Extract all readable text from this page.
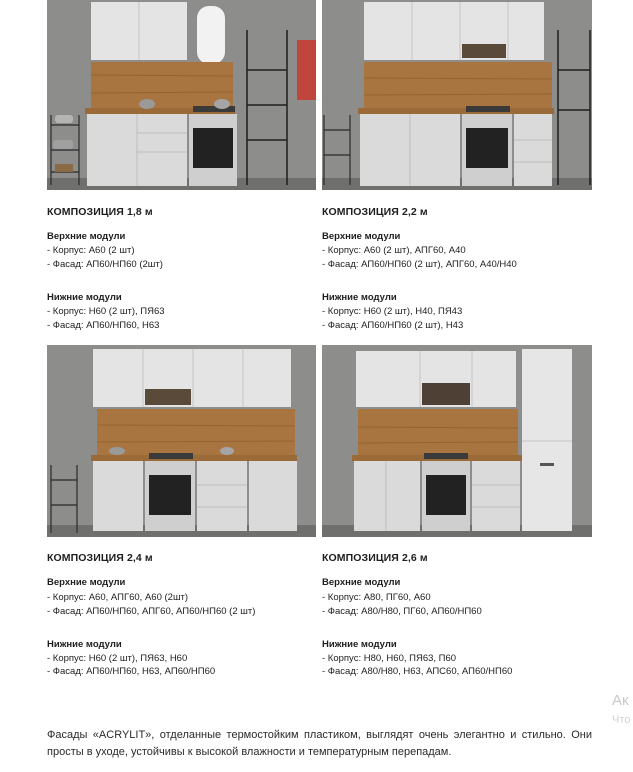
КОМПОЗИЦИЯ 1,8 м
Верхние модули
- Корпус: А60 (2 шт)
- Фасад: АП60/НП60 (2шт)
Нижние модули
- Корпус: Н60 (2 шт), ПЯ63
- Фасад: АП60/НП60, Н63
КОМПОЗИЦИЯ 2,2 м
Верхние модули
- Корпус: А60 (2 шт), АПГ60, А40
- Фасад: АП60/НП60 (2 шт), АПГ60, А40/Н40
Нижние модули
- Корпус: Н60 (2 шт), Н40, ПЯ43
- Фасад: АП60/НП60 (2 шт), Н43
КОМПОЗИЦИЯ 2,4 м
Верхние модули
- Корпус: А60, АПГ60, А60 (2шт)
- Фасад: АП60/НП60, АПГ60, АП60/НП60 (2 шт)
Нижние модули
- Корпус: Н60 (2 шт), ПЯ63, Н60
- Фасад: АП60/НП60, Н63, АП60/НП60
КОМПОЗИЦИЯ 2,6 м
Верхние модули
- Корпус: А80, ПГ60, А60
- Фасад: А80/Н80, ПГ60, АП60/НП60
Нижние модули
- Корпус: Н80, Н60, ПЯ63, П60
- Фасад: А80/Н80, Н63, АПС60, АП60/НП60
Ак
Что
Фасады «ACRYLIT», отделанные термостойким пластиком, выглядят очень элегантно и стильно. Они просты в уходе, устойчивы к высокой влажности и температурным перепадам.
